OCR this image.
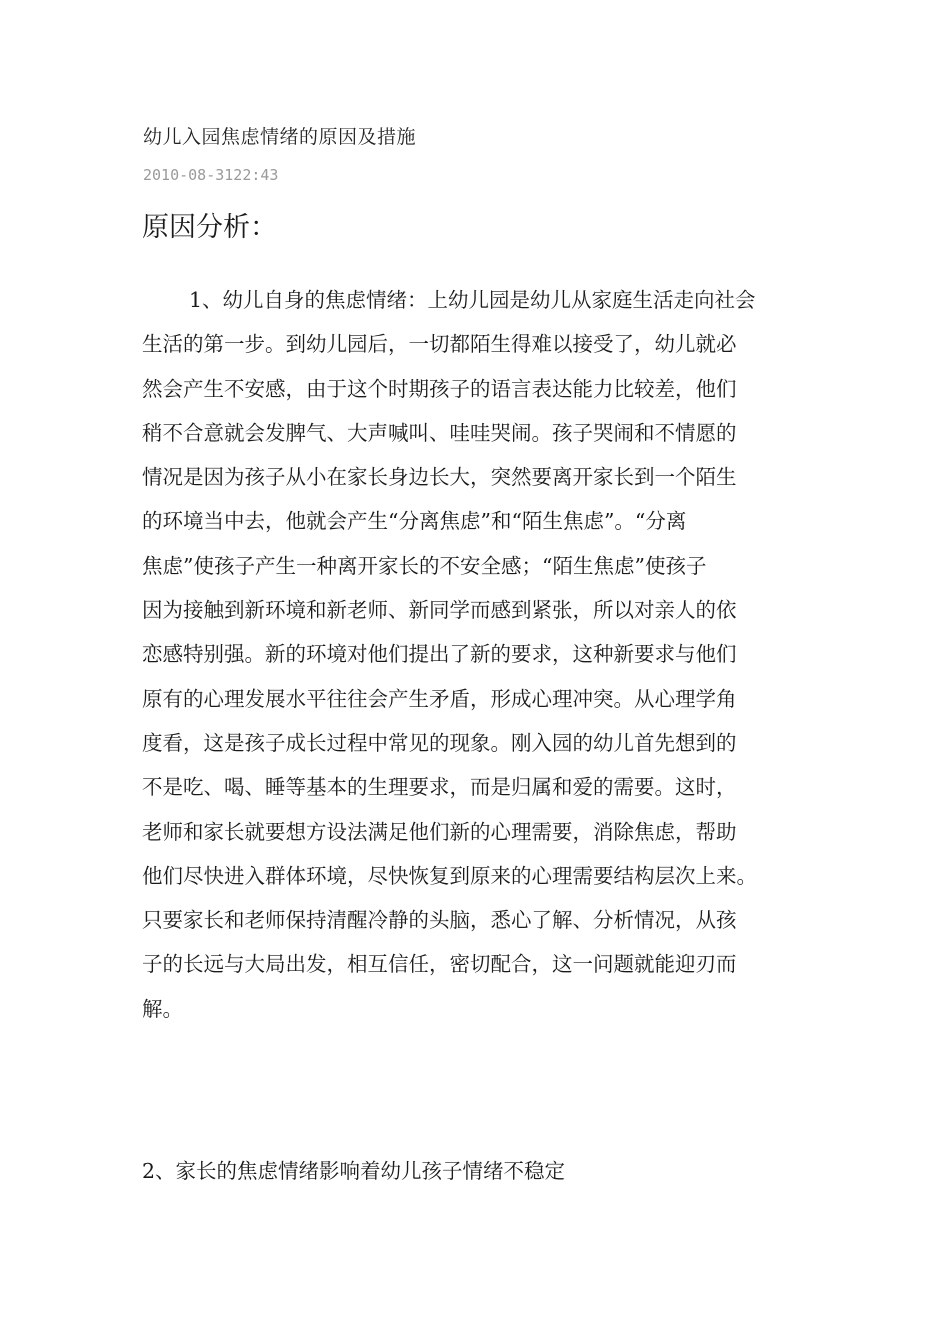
幼儿入园焦虑情绪的原因及措施
2010-08-3122:43
原因分析：
1、幼儿自身的焦虑情绪：上幼儿园是幼儿从家庭生活走向社会
生活的第一步。到幼儿园后，一切都陌生得难以接受了，幼儿就必
然会产生不安感，由于这个时期孩子的语言表达能力比较差，他们
稍不合意就会发脾气、大声喊叫、哇哇哭闹。孩子哭闹和不情愿的
情况是因为孩子从小在家长身边长大，突然要离开家长到一个陌生
的环境当中去，他就会产生“分离焦虑”和“陌生焦虑”。“分离
焦虑”使孩子产生一种离开家长的不安全感；“陌生焦虑”使孩子
因为接触到新环境和新老师、新同学而感到紧张，所以对亲人的依
恋感特别强。新的环境对他们提出了新的要求，这种新要求与他们
原有的心理发展水平往往会产生矛盾，形成心理冲突。从心理学角
度看，这是孩子成长过程中常见的现象。刚入园的幼儿首先想到的
不是吃、喝、睡等基本的生理要求，而是归属和爱的需要。这时，
老师和家长就要想方设法满足他们新的心理需要，消除焦虑，帮助
他们尽快进入群体环境，尽快恢复到原来的心理需要结构层次上来。
只要家长和老师保持清醒冷静的头脑，悉心了解、分析情况，从孩
子的长远与大局出发，相互信任，密切配合，这一问题就能迎刃而
解。
2、家长的焦虑情绪影响着幼儿孩子情绪不稳定
